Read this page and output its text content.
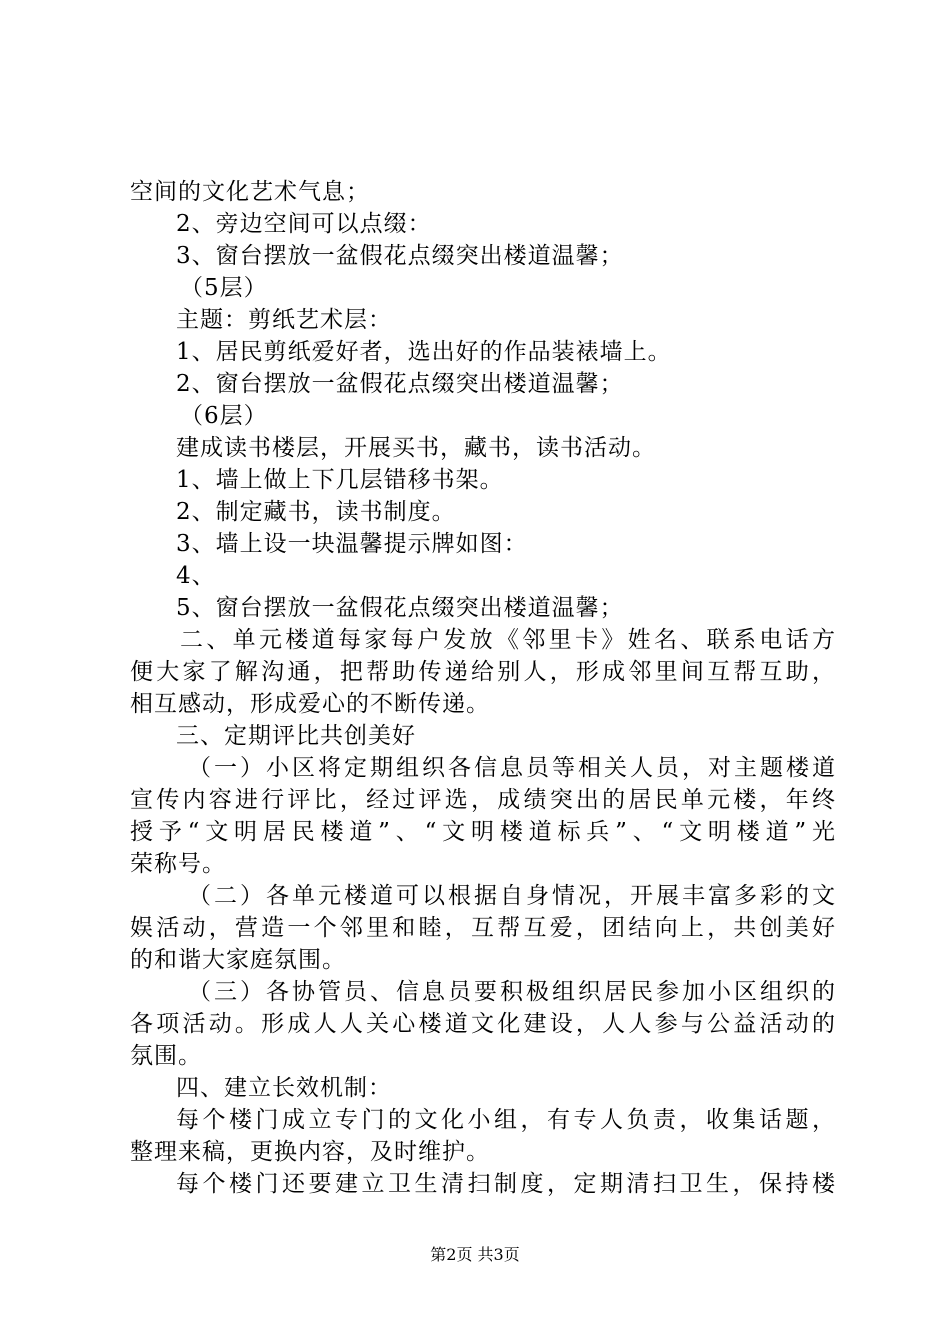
空间的文化艺术气息；
2、旁边空间可以点缀：
3、窗台摆放一盆假花点缀突出楼道温馨；
（5层）
主题：剪纸艺术层：
1、居民剪纸爱好者，选出好的作品装裱墙上。
2、窗台摆放一盆假花点缀突出楼道温馨；
（6层）
建成读书楼层，开展买书，藏书，读书活动。
1、墙上做上下几层错移书架。
2、制定藏书，读书制度。
3、墙上设一块温馨提示牌如图：
4、
5、窗台摆放一盆假花点缀突出楼道温馨；
二、单元楼道每家每户发放《邻里卡》姓名、联系电话方
便大家了解沟通，把帮助传递给别人，形成邻里间互帮互助，
相互感动，形成爱心的不断传递。
三、定期评比共创美好
（一）小区将定期组织各信息员等相关人员，对主题楼道
宣传内容进行评比，经过评选，成绩突出的居民单元楼，年终
授予“文明居民楼道”、“文明楼道标兵”、“文明楼道”光
荣称号。
（二）各单元楼道可以根据自身情况，开展丰富多彩的文
娱活动，营造一个邻里和睦，互帮互爱，团结向上，共创美好
的和谐大家庭氛围。
（三）各协管员、信息员要积极组织居民参加小区组织的
各项活动。形成人人关心楼道文化建设，人人参与公益活动的
氛围。
四、建立长效机制：
每个楼门成立专门的文化小组，有专人负责，收集话题，
整理来稿，更换内容，及时维护。
每个楼门还要建立卫生清扫制度，定期清扫卫生，保持楼
第2页 共3页
